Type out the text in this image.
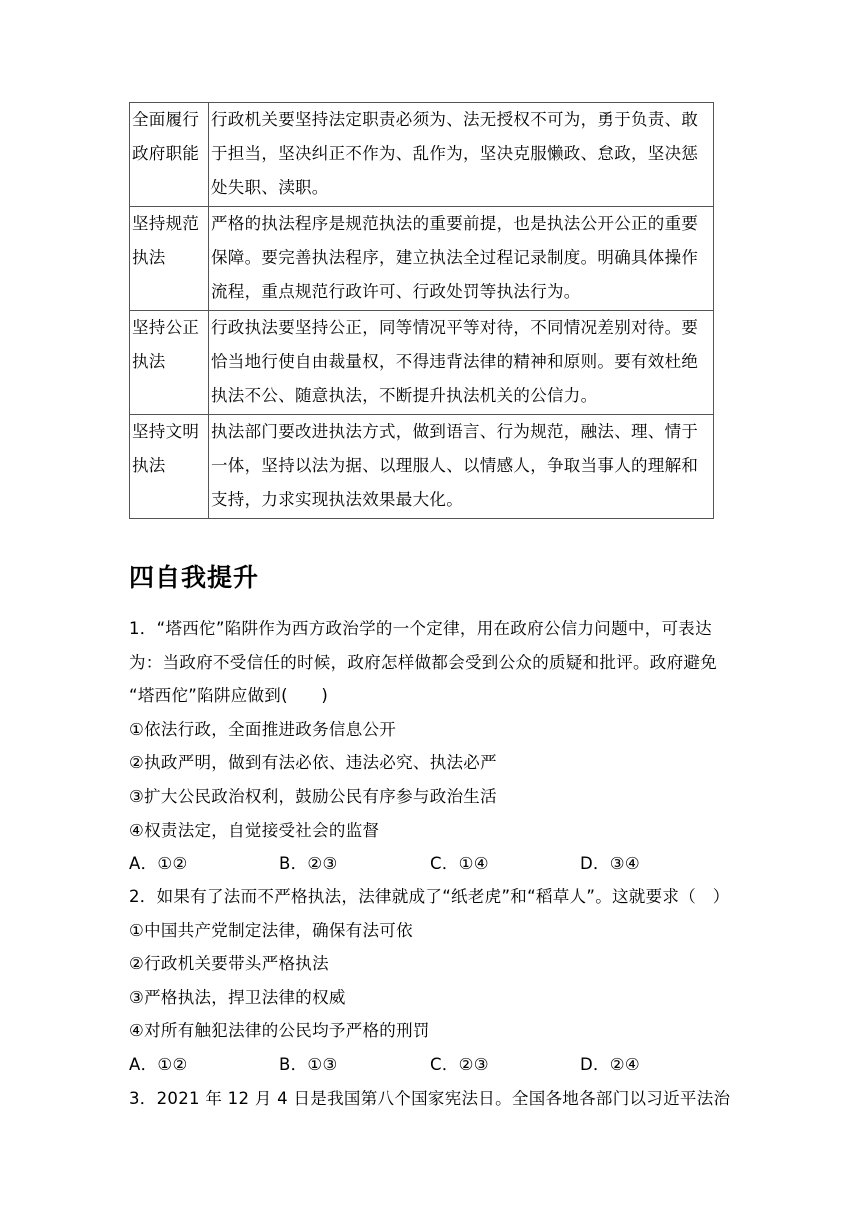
全面履行政府职能	行政机关要坚持法定职责必须为、法无授权不可为，勇于负责、敢于担当，坚决纠正不作为、乱作为，坚决克服懒政、怠政，坚决惩处失职、渎职。
坚持规范执法	严格的执法程序是规范执法的重要前提，也是执法公开公正的重要保障。要完善执法程序，建立执法全过程记录制度。明确具体操作流程，重点规范行政许可、行政处罚等执法行为。
坚持公正执法	行政执法要坚持公正，同等情况平等对待，不同情况差别对待。要恰当地行使自由裁量权，不得违背法律的精神和原则。要有效杜绝执法不公、随意执法，不断提升执法机关的公信力。
坚持文明执法	执法部门要改进执法方式，做到语言、行为规范，融法、理、情于一体，坚持以法为据、以理服人、以情感人，争取当事人的理解和支持，力求实现执法效果最大化。
四自我提升
1．“塔西佗”陷阱作为西方政治学的一个定律，用在政府公信力问题中，可表达
为：当政府不受信任的时候，政府怎样做都会受到公众的质疑和批评。政府避免
“塔西佗”陷阱应做到(　　)
①依法行政，全面推进政务信息公开
②执政严明，做到有法必依、违法必究、执法必严
③扩大公民政治权利，鼓励公民有序参与政治生活
④权责法定，自觉接受社会的监督
A．①②	B．②③	C．①④	D．③④
2．如果有了法而不严格执法，法律就成了“纸老虎”和“稻草人”。这就要求（　）
①中国共产党制定法律，确保有法可依
②行政机关要带头严格执法
③严格执法，捍卫法律的权威
④对所有触犯法律的公民均予严格的刑罚
A．①②	B．①③	C．②③	D．②④
3．2021 年 12 月 4 日是我国第八个国家宪法日。全国各地各部门以习近平法治
